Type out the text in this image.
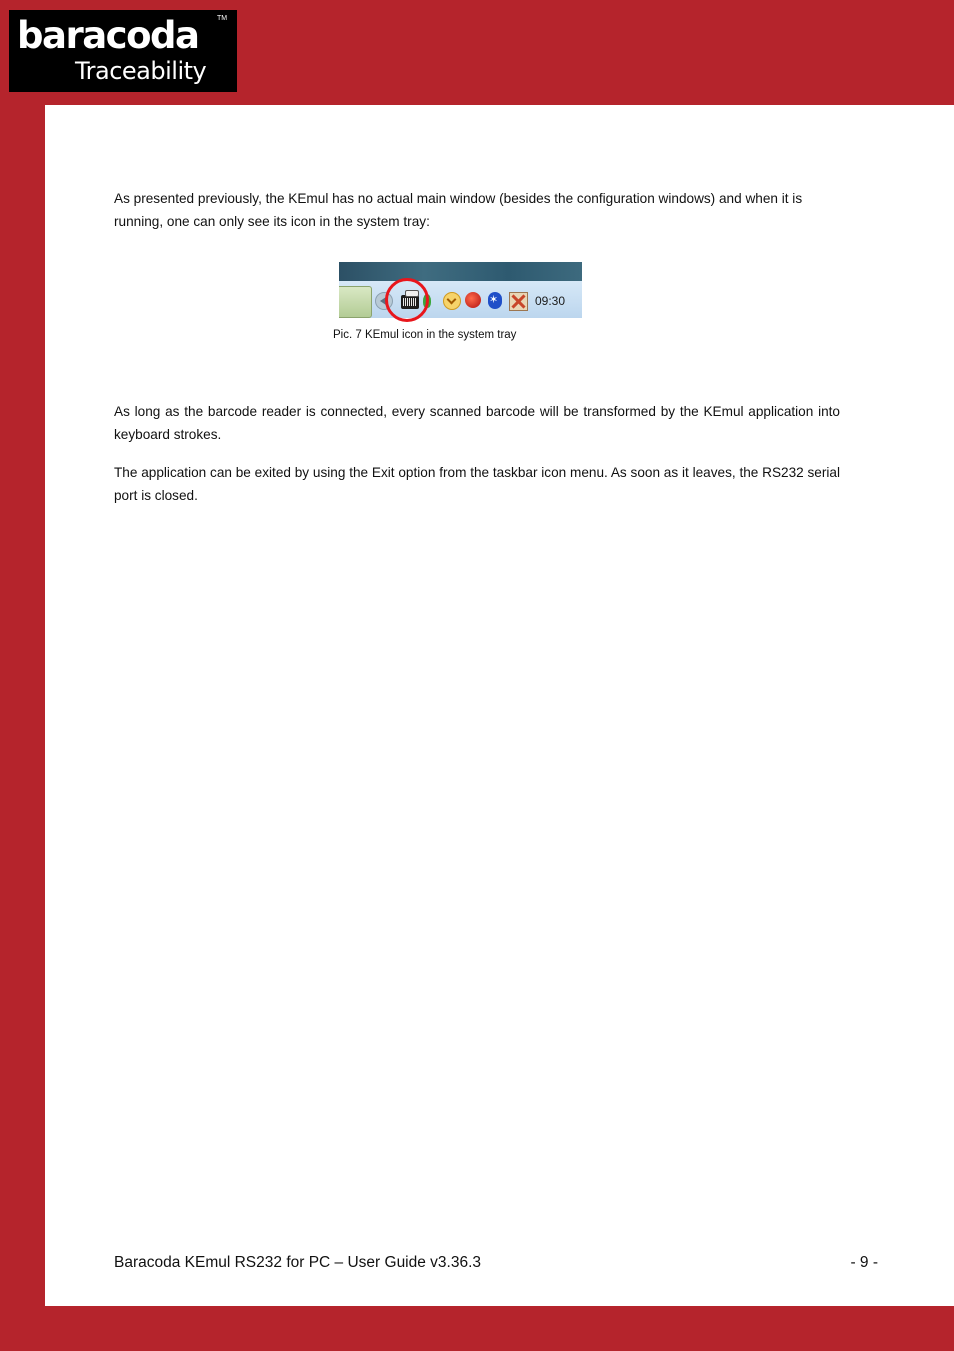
baracoda	TM
Traceability

As presented previously, the KEmul has no actual main window (besides the configuration windows) and when it is running, one can only see its icon in the system tray:

✶
09:30
Pic. 7 KEmul icon in the system tray

As long as the barcode reader is connected, every scanned barcode will be transformed by the KEmul application into keyboard strokes.

The application can be exited by using the Exit option from the taskbar icon menu. As soon as it leaves, the RS232 serial port is closed.

Baracoda KEmul RS232 for PC – User Guide v3.36.3	- 9 -
